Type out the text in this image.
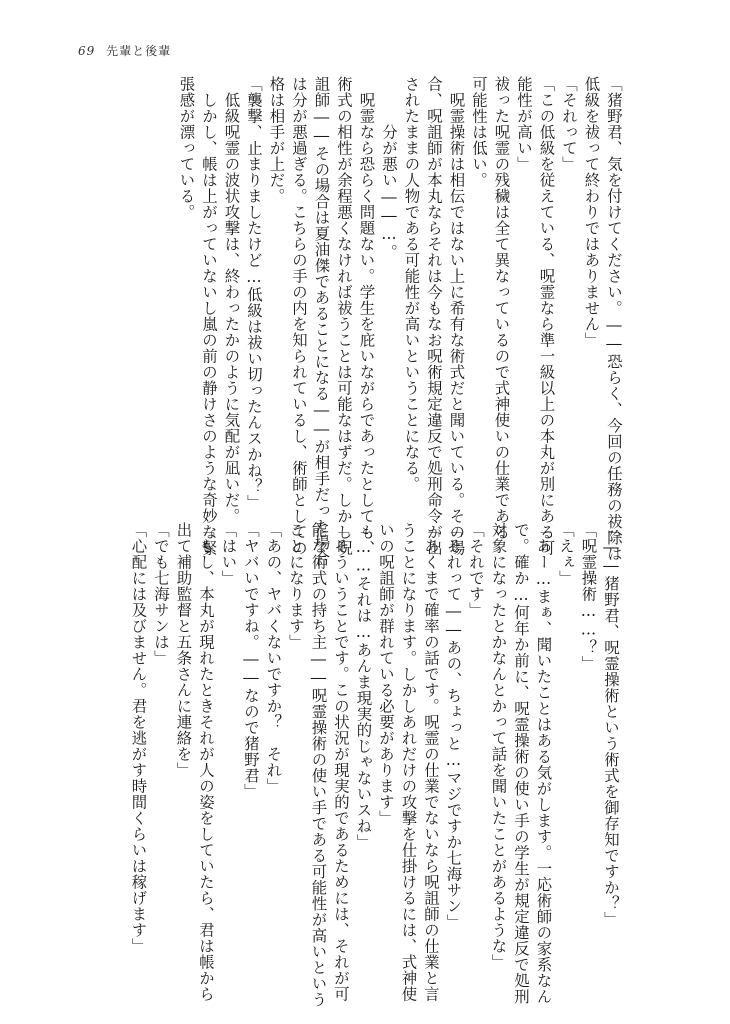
69 先輩と後輩
「猪野君、気を付けてください。――恐らく、今回の任務の祓除は
低級を祓って終わりではありません」
「それって」
「この低級を従えている、呪霊なら準一級以上の本丸が別にある可
能性が高い」
祓った呪霊の残穢は全て異なっているので式神使いの仕業である
可能性は低い。
　呪霊操術は相伝ではない上に希有な術式だと聞いている。その場
合、呪詛師が本丸ならそれは今もなお呪術規定違反で処刑命令が出
されたままの人物である可能性が高いということになる。
　　　分が悪い――…。
　呪霊なら恐らく問題ない。学生を庇いながらであったとしても、
術式の相性が余程悪くなければ祓うことは可能なはずだ。しかし呪
詛師――その場合は夏油傑であることになる――が相手だった場合
は分が悪過ぎる。こちらの手の内を知られているし、術師としての
格は相手が上だ。
「襲撃、止まりましたけど…低級は祓い切ったんスかね？」
　低級呪霊の波状攻撃は、終わったかのように気配が凪いだ。
　しかし、帳は上がっていないし嵐の前の静けさのような奇妙な緊
張感が漂っている。
「――猪野君、呪霊操術という術式を御存知ですか？」
「呪霊操術……？」
「えぇ」
「あー…まぁ、聞いたことはある気がします。一応術師の家系なん
で。確か…何年か前に、呪霊操術の使い手の学生が規定違反で処刑
対象になったとかなんとかって話を聞いたことがあるような」
「それです」
「それって――あの、ちょっと…マジですか七海サン」
「あくまで確率の話です。呪霊の仕業でないなら呪詛師の仕業と言
うことになります。しかしあれだけの攻撃を仕掛けるには、式神使
いの呪詛師が群れている必要があります」
「……それは…あんま現実的じゃないスね」
「そういうことです。この状況が現実的であるためには、それが可
能な術式の持ち主――呪霊操術の使い手である可能性が高いという
ことになります」
「あの、ヤバくないですか？　それ」
「ヤバいですね。――なので猪野君」
「はい」
「もし、本丸が現れたときそれが人の姿をしていたら、君は帳から
出て補助監督と五条さんに連絡を」
「でも七海サンは」
「心配には及びません。君を逃がす時間くらいは稼げます」
